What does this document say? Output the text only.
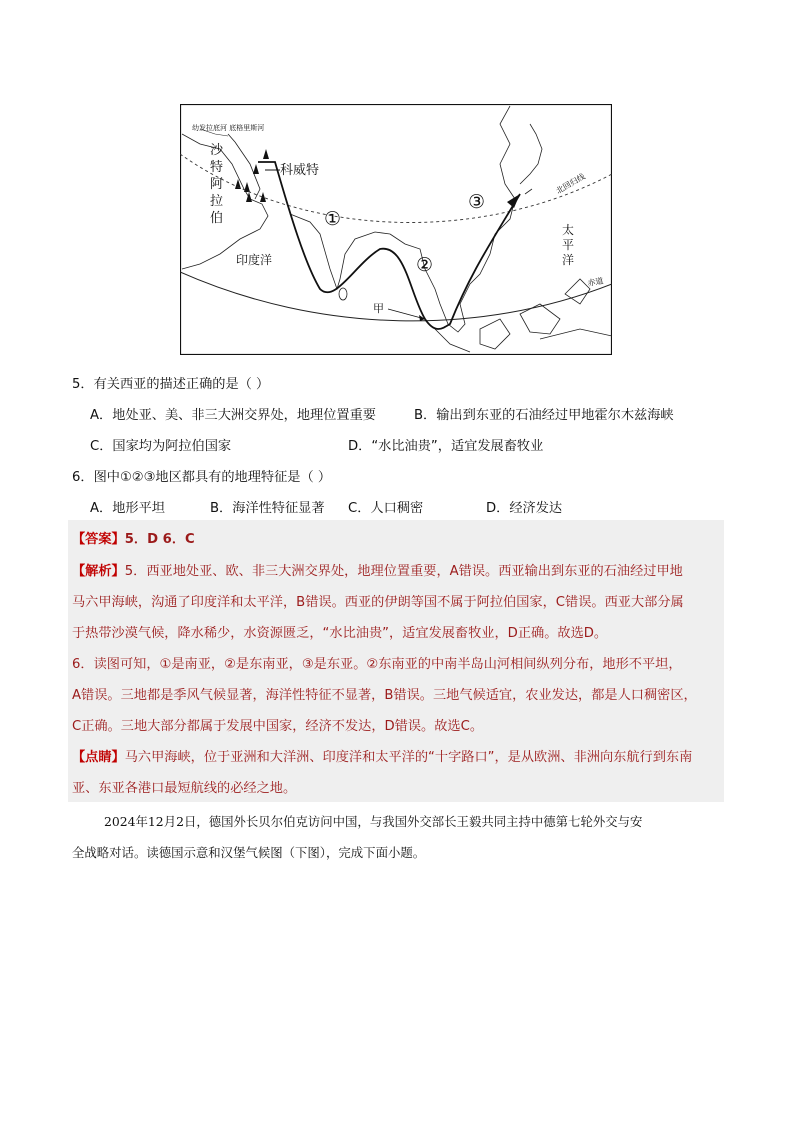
幼发拉底河 底格里斯河
沙
特
阿
拉
伯
科威特
①
②
③
印度洋
甲
北回归线
太
平
洋
赤道
5．有关西亚的描述正确的是（ ）
A．地处亚、美、非三大洲交界处，地理位置重要	B．输出到东亚的石油经过甲地霍尔木兹海峡
C．国家均为阿拉伯国家	D．“水比油贵”，适宜发展畜牧业
6．图中①②③地区都具有的地理特征是（ ）
A．地形平坦	B．海洋性特征显著 C．人口稠密	D．经济发达
【答案】5．D 6．C
【解析】5．西亚地处亚、欧、非三大洲交界处，地理位置重要，A错误。西亚输出到东亚的石油经过甲地
马六甲海峡，沟通了印度洋和太平洋，B错误。西亚的伊朗等国不属于阿拉伯国家，C错误。西亚大部分属
于热带沙漠气候，降水稀少，水资源匮乏，“水比油贵”，适宜发展畜牧业，D正确。故选D。
6．读图可知，①是南亚，②是东南亚，③是东亚。②东南亚的中南半岛山河相间纵列分布，地形不平坦，
A错误。三地都是季风气候显著，海洋性特征不显著，B错误。三地气候适宜，农业发达，都是人口稠密区，
C正确。三地大部分都属于发展中国家，经济不发达，D错误。故选C。
【点睛】马六甲海峡，位于亚洲和大洋洲、印度洋和太平洋的“十字路口”，是从欧洲、非洲向东航行到东南
亚、东亚各港口最短航线的必经之地。
2024年12月2日，德国外长贝尔伯克访问中国，与我国外交部长王毅共同主持中德第七轮外交与安
全战略对话。读德国示意和汉堡气候图（下图），完成下面小题。
